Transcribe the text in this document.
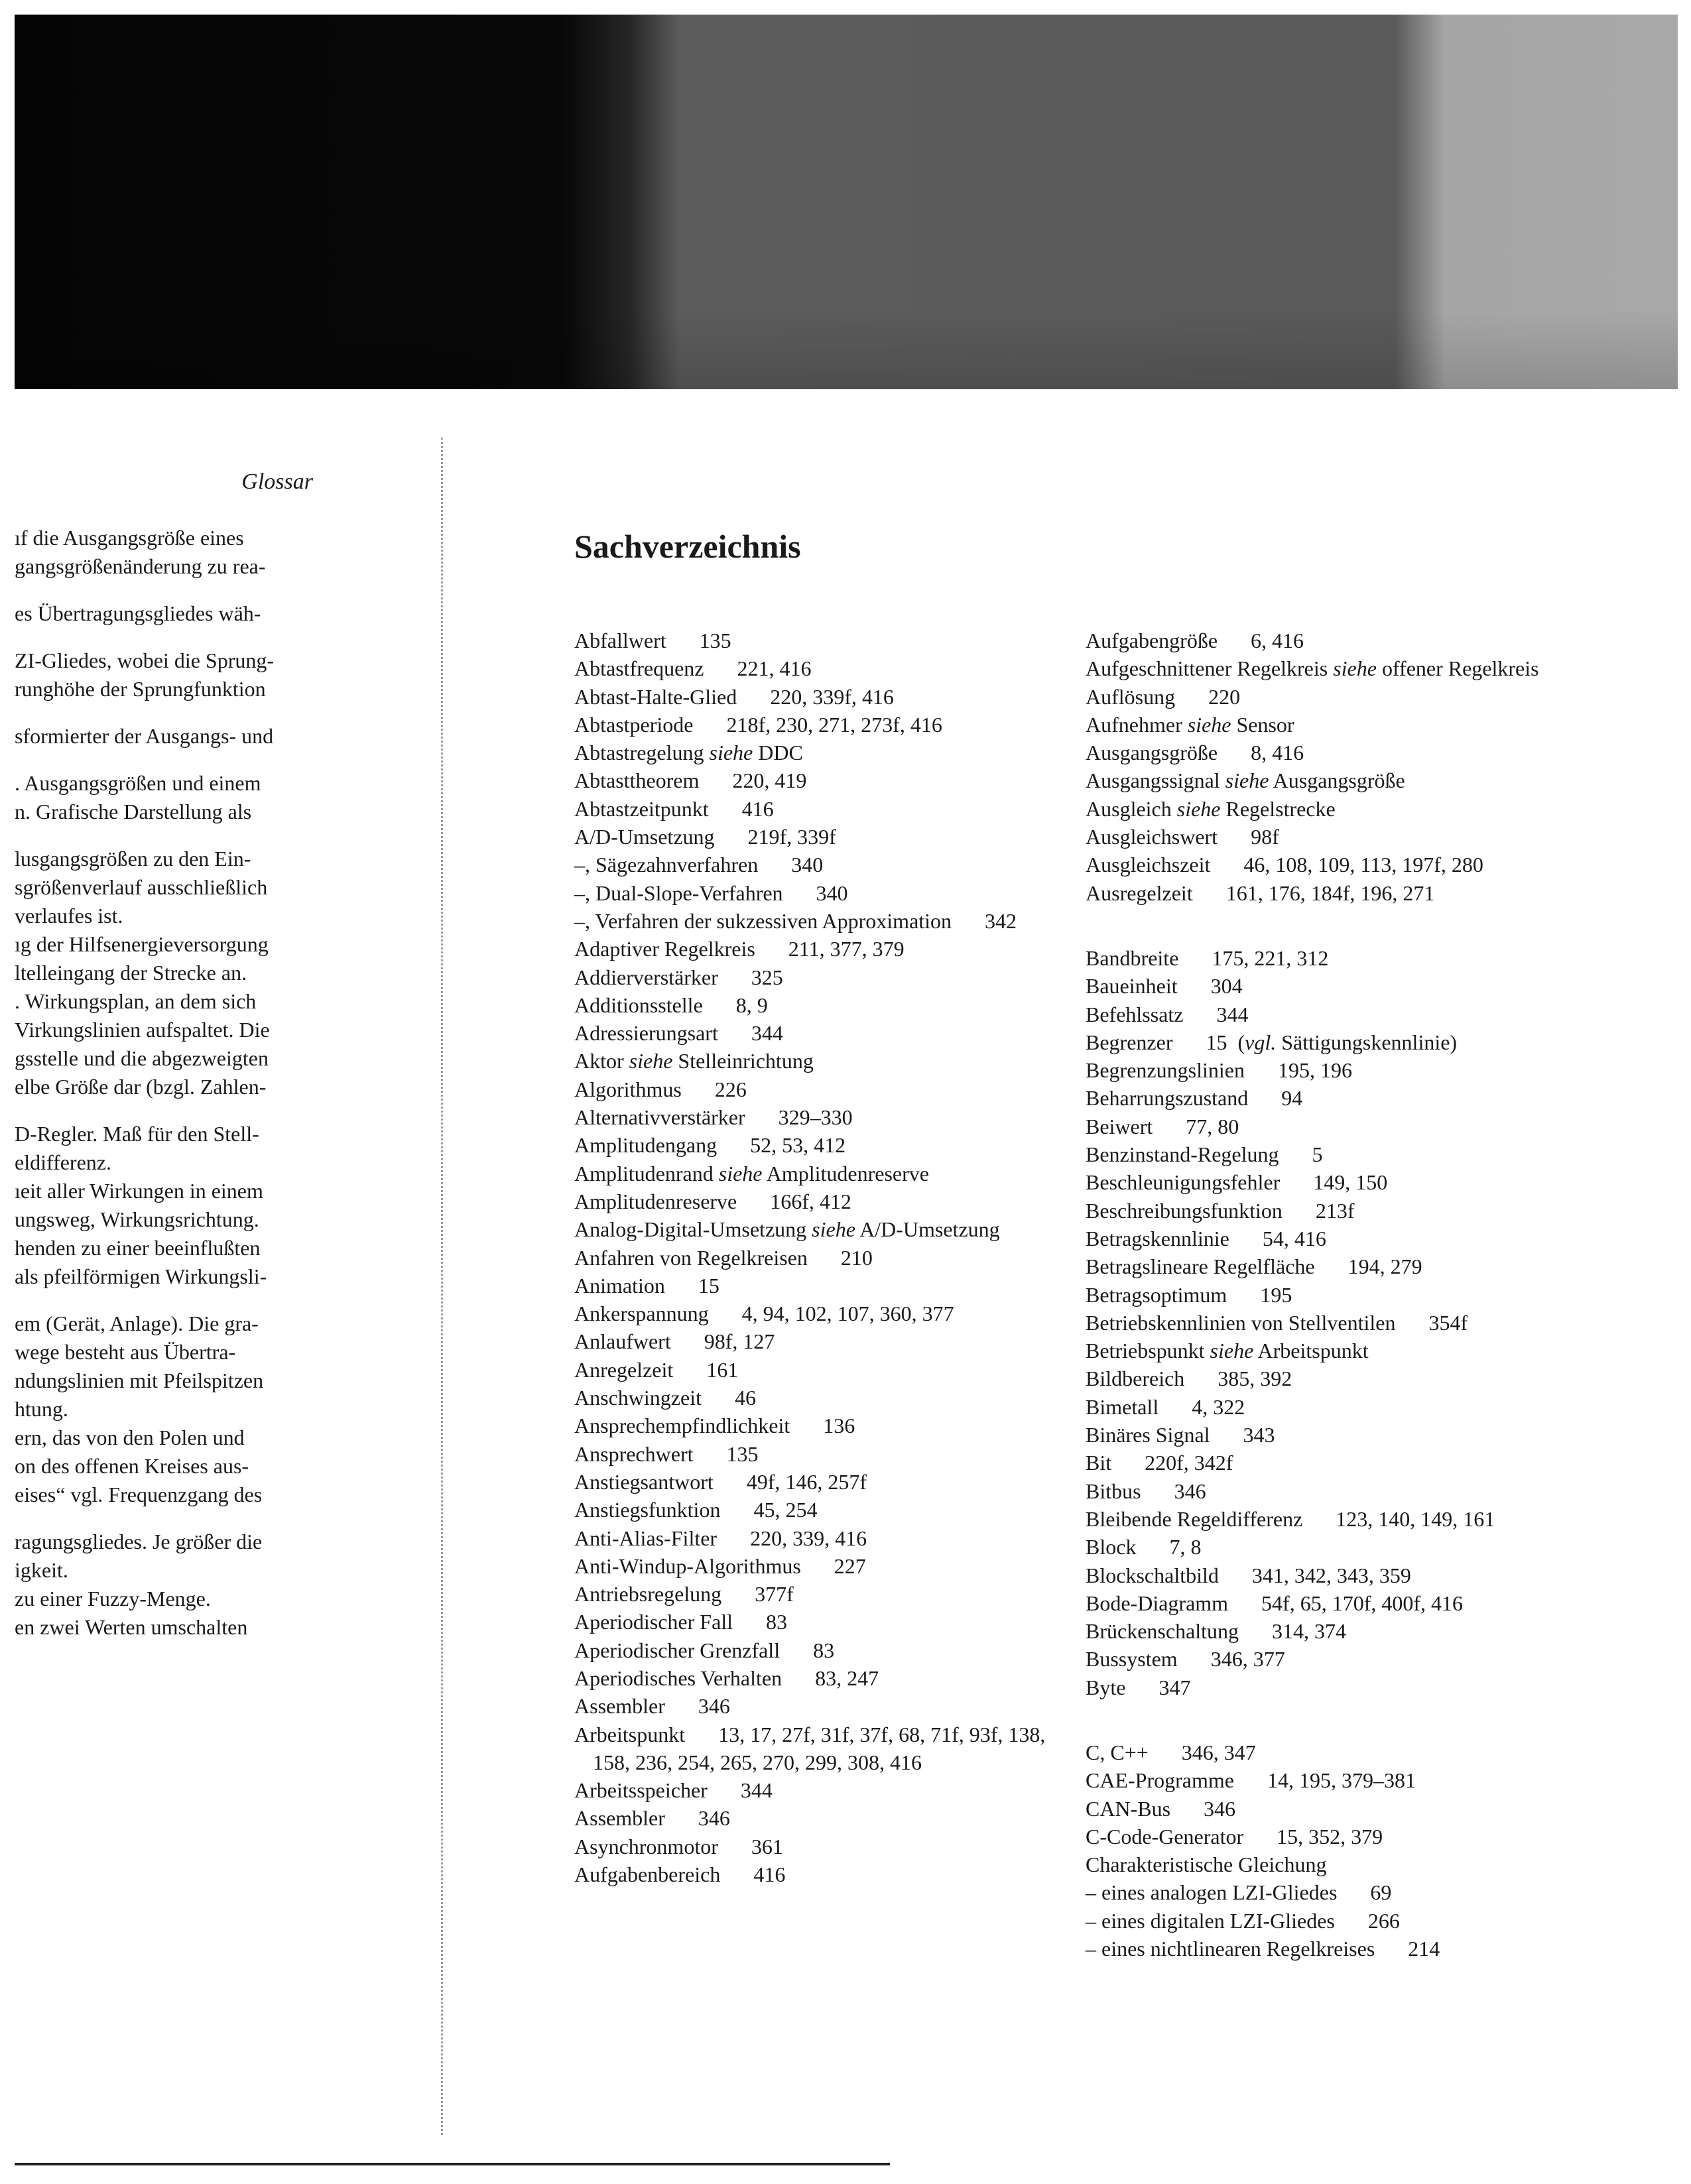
Glossar
ıf die Ausgangsgröße eines
gangsgrößenänderung zu rea-
es Übertragungsgliedes wäh-
ZI-Gliedes, wobei die Sprung-
runghöhe der Sprungfunktion
sformierter der Ausgangs- und
. Ausgangsgrößen und einem
n. Grafische Darstellung als
lusgangsgrößen zu den Ein-
sgrößenverlauf ausschließlich
verlaufes ist.
ıg der Hilfsenergieversorgung
ltelleingang der Strecke an.
. Wirkungsplan, an dem sich
Virkungslinien aufspaltet. Die
gsstelle und die abgezweigten
elbe Größe dar (bzgl. Zahlen-
D-Regler. Maß für den Stell-
eldifferenz.
ıeit aller Wirkungen in einem
ungsweg, Wirkungsrichtung.
henden zu einer beeinflußten
als pfeilförmigen Wirkungsli-
em (Gerät, Anlage). Die gra-
wege besteht aus Übertra-
ndungslinien mit Pfeilspitzen
htung.
ern, das von den Polen und
on des offenen Kreises aus-
eises“ vgl. Frequenzgang des
ragungsgliedes. Je größer die
igkeit.
zu einer Fuzzy-Menge.
en zwei Werten umschalten
Sachverzeichnis
Abfallwert   135
Abtastfrequenz   221, 416
Abtast-Halte-Glied   220, 339f, 416
Abtastperiode   218f, 230, 271, 273f, 416
Abtastregelung siehe DDC
Abtasttheorem   220, 419
Abtastzeitpunkt   416
A/D-Umsetzung   219f, 339f
–, Sägezahnverfahren   340
–, Dual-Slope-Verfahren   340
–, Verfahren der sukzessiven Approximation   342
Adaptiver Regelkreis   211, 377, 379
Addierverstärker   325
Additionsstelle   8, 9
Adressierungsart   344
Aktor siehe Stelleinrichtung
Algorithmus   226
Alternativverstärker   329–330
Amplitudengang   52, 53, 412
Amplitudenrand siehe Amplitudenreserve
Amplitudenreserve   166f, 412
Analog-Digital-Umsetzung siehe A/D-Umsetzung
Anfahren von Regelkreisen   210
Animation   15
Ankerspannung   4, 94, 102, 107, 360, 377
Anlaufwert   98f, 127
Anregelzeit   161
Anschwingzeit   46
Ansprechempfindlichkeit   136
Ansprechwert   135
Anstiegsantwort   49f, 146, 257f
Anstiegsfunktion   45, 254
Anti-Alias-Filter   220, 339, 416
Anti-Windup-Algorithmus   227
Antriebsregelung   377f
Aperiodischer Fall   83
Aperiodischer Grenzfall   83
Aperiodisches Verhalten   83, 247
Assembler   346
Arbeitspunkt   13, 17, 27f, 31f, 37f, 68, 71f, 93f, 138, 158, 236, 254, 265, 270, 299, 308, 416
Arbeitsspeicher   344
Assembler   346
Asynchronmotor   361
Aufgabenbereich   416
Aufgabengröße   6, 416
Aufgeschnittener Regelkreis siehe offener Regelkreis
Auflösung   220
Aufnehmer siehe Sensor
Ausgangsgröße   8, 416
Ausgangssignal siehe Ausgangsgröße
Ausgleich siehe Regelstrecke
Ausgleichswert   98f
Ausgleichszeit   46, 108, 109, 113, 197f, 280
Ausregelzeit   161, 176, 184f, 196, 271
Bandbreite   175, 221, 312
Baueinheit   304
Befehlssatz   344
Begrenzer   15 (vgl. Sättigungskennlinie)
Begrenzungslinien   195, 196
Beharrungszustand   94
Beiwert   77, 80
Benzinstand-Regelung   5
Beschleunigungsfehler   149, 150
Beschreibungsfunktion   213f
Betragskennlinie   54, 416
Betragslineare Regelfläche   194, 279
Betragsoptimum   195
Betriebskennlinien von Stellventilen   354f
Betriebspunkt siehe Arbeitspunkt
Bildbereich   385, 392
Bimetall   4, 322
Binäres Signal   343
Bit   220f, 342f
Bitbus   346
Bleibende Regeldifferenz   123, 140, 149, 161
Block   7, 8
Blockschaltbild   341, 342, 343, 359
Bode-Diagramm   54f, 65, 170f, 400f, 416
Brückenschaltung   314, 374
Bussystem   346, 377
Byte   347
C, C++   346, 347
CAE-Programme   14, 195, 379–381
CAN-Bus   346
C-Code-Generator   15, 352, 379
Charakteristische Gleichung
– eines analogen LZI-Gliedes   69
– eines digitalen LZI-Gliedes   266
– eines nichtlinearen Regelkreises   214
